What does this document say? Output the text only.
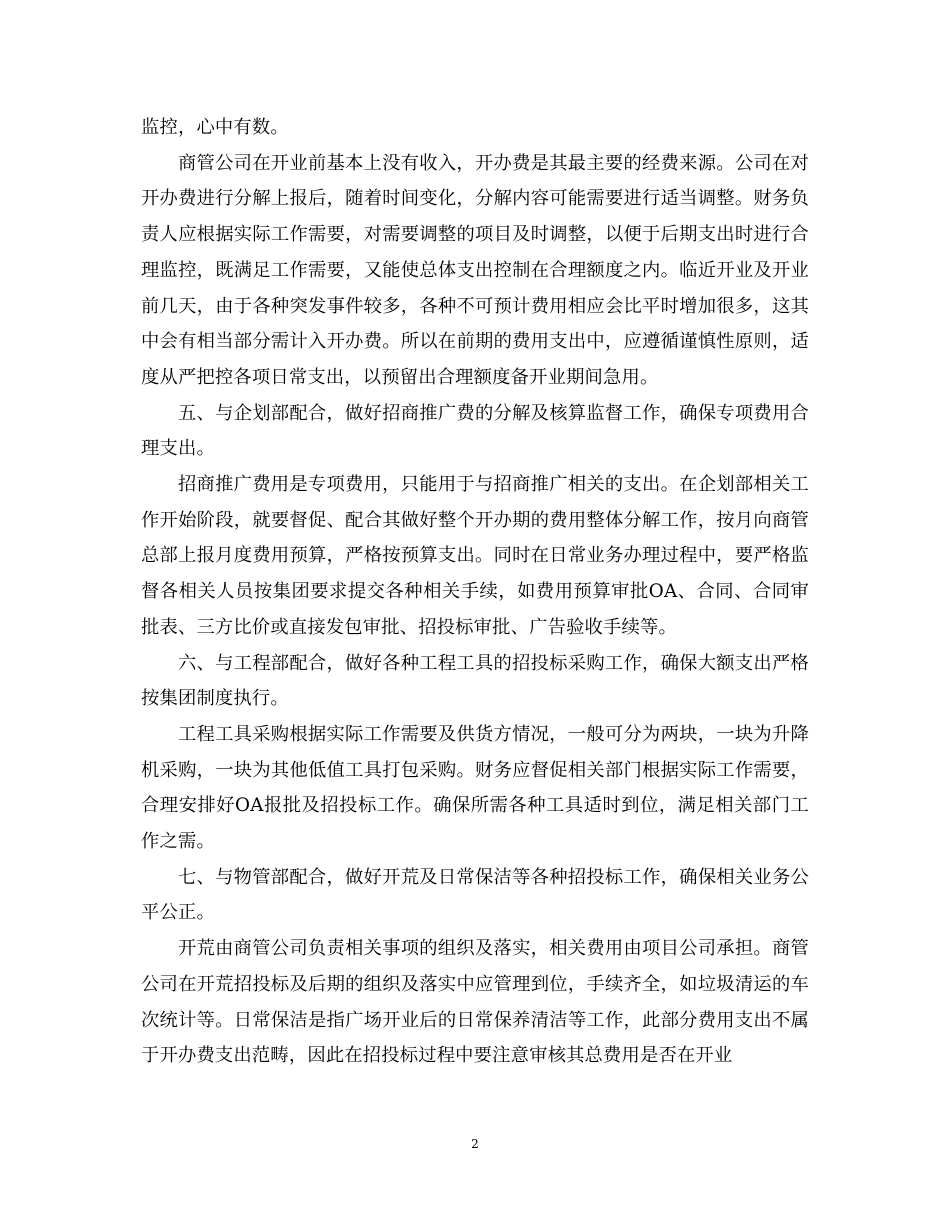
监控，心中有数。

商管公司在开业前基本上没有收入，开办费是其最主要的经费来源。公司在对开办费进行分解上报后，随着时间变化，分解内容可能需要进行适当调整。财务负责人应根据实际工作需要，对需要调整的项目及时调整，以便于后期支出时进行合理监控，既满足工作需要，又能使总体支出控制在合理额度之内。临近开业及开业前几天，由于各种突发事件较多，各种不可预计费用相应会比平时增加很多，这其中会有相当部分需计入开办费。所以在前期的费用支出中，应遵循谨慎性原则，适度从严把控各项日常支出，以预留出合理额度备开业期间急用。

五、与企划部配合，做好招商推广费的分解及核算监督工作，确保专项费用合理支出。

招商推广费用是专项费用，只能用于与招商推广相关的支出。在企划部相关工作开始阶段，就要督促、配合其做好整个开办期的费用整体分解工作，按月向商管总部上报月度费用预算，严格按预算支出。同时在日常业务办理过程中，要严格监督各相关人员按集团要求提交各种相关手续，如费用预算审批OA、合同、合同审批表、三方比价或直接发包审批、招投标审批、广告验收手续等。

六、与工程部配合，做好各种工程工具的招投标采购工作，确保大额支出严格按集团制度执行。

工程工具采购根据实际工作需要及供货方情况，一般可分为两块，一块为升降机采购，一块为其他低值工具打包采购。财务应督促相关部门根据实际工作需要，合理安排好OA报批及招投标工作。确保所需各种工具适时到位，满足相关部门工作之需。

七、与物管部配合，做好开荒及日常保洁等各种招投标工作，确保相关业务公平公正。

开荒由商管公司负责相关事项的组织及落实，相关费用由项目公司承担。商管公司在开荒招投标及后期的组织及落实中应管理到位，手续齐全，如垃圾清运的车次统计等。日常保洁是指广场开业后的日常保养清洁等工作，此部分费用支出不属于开办费支出范畴，因此在招投标过程中要注意审核其总费用是否在开业

2
